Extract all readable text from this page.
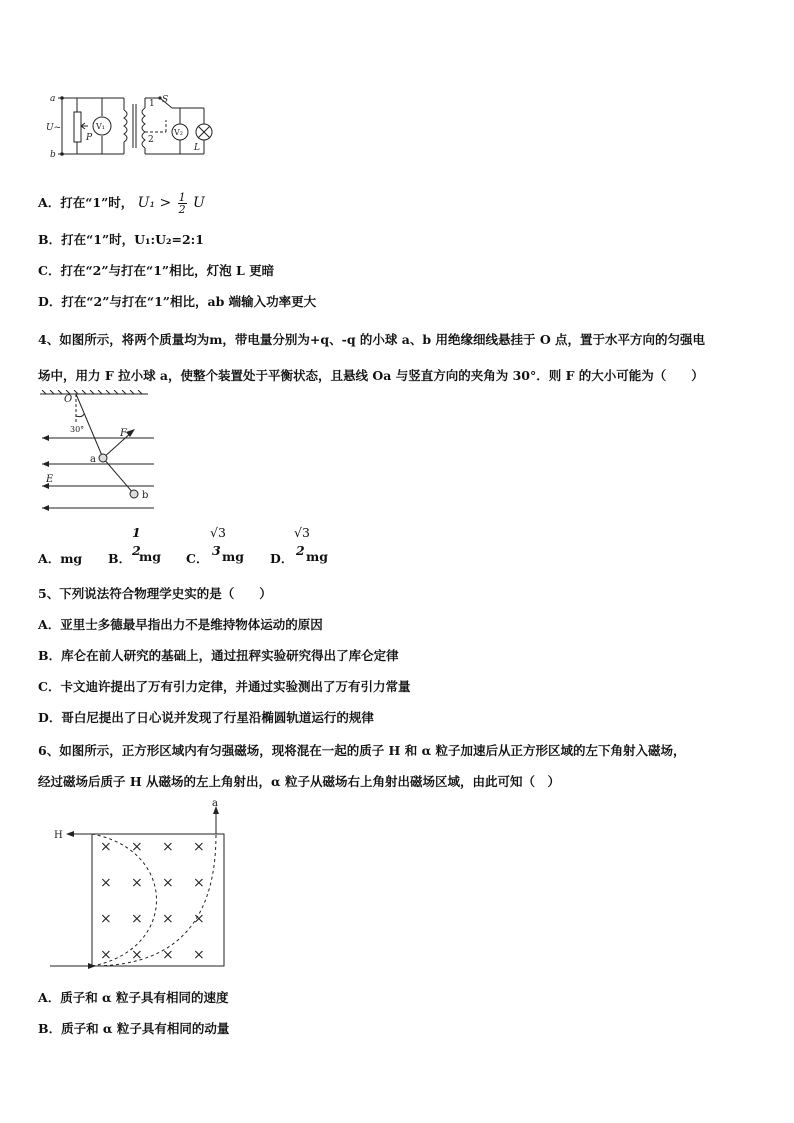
a
b
U~
P
V₁
V₂
S
1
2
L
A．打在“1”时， $U_1 > \frac{1}{2}$ U
B．打在“1”时，U₁:U₂=2:1
C．打在“2”与打在“1”相比，灯泡 L 更暗
D．打在“2”与打在“1”相比，ab 端输入功率更大
4、如图所示，将两个质量均为m，带电量分别为+q、-q 的小球 a、b 用绝缘细线悬挂于 O 点，置于水平方向的匀强电
场中，用力 F 拉小球 a，使整个装置处于平衡状态，且悬线 Oa 与竖直方向的夹角为 30°．则 F 的大小可能为（　　）
O
30°	F
a
E
b
A．mg B．
1
2
mg C．
√3
3 mg D．
√3
2 mg
5、下列说法符合物理学史实的是（　　）
A．亚里士多德最早指出力不是维持物体运动的原因
B．库仑在前人研究的基础上，通过扭秤实验研究得出了库仑定律
C．卡文迪许提出了万有引力定律，并通过实验测出了万有引力常量
D．哥白尼提出了日心说并发现了行星沿椭圆轨道运行的规律
6、如图所示，正方形区域内有匀强磁场，现将混在一起的质子 H 和 α 粒子加速后从正方形区域的左下角射入磁场，
经过磁场后质子 H 从磁场的左上角射出，α 粒子从磁场右上角射出磁场区域，由此可知（　）
H
a
× × × ×
× × × ×
× × × ×
× × × ×
A．质子和 α 粒子具有相同的速度
B．质子和 α 粒子具有相同的动量
